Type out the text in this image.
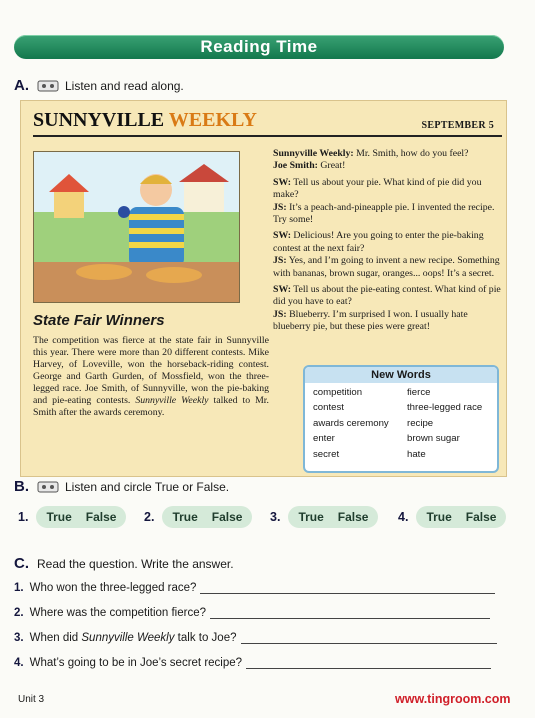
Reading Time
A.	Listen and read along.
SUNNYVILLE WEEKLY	SEPTEMBER 5
State Fair Winners
The competition was fierce at the state fair in Sunnyville this year. There were more than 20 different contests. Mike Harvey, of Loveville, won the horseback-riding contest. George and Garth Gurden, of Mossfield, won the three-legged race. Joe Smith, of Sunnyville, won the pie-baking and pie-eating contests. Sunnyville Weekly talked to Mr. Smith after the awards ceremony.

Sunnyville Weekly: Mr. Smith, how do you feel?

Joe Smith: Great!

SW: Tell us about your pie. What kind of pie did you make?

JS: It’s a peach-and-pineapple pie. I invented the recipe. Try some!

SW: Delicious! Are you going to enter the pie-baking contest at the next fair?

JS: Yes, and I’m going to invent a new recipe. Something with bananas, brown sugar, oranges... oops! It’s a secret.

SW: Tell us about the pie-eating contest. What kind of pie did you have to eat?

JS: Blueberry. I’m surprised I won. I usually hate blueberry pie, but these pies were great!

New Words
competition	fierce
contest	three-legged race
awards ceremony	recipe
enter	brown sugar
secret	hate
B.	Listen and circle True or False.
1. True False 2. True False 3. True False 4. True False
C. Read the question. Write the answer.
1. Who won the three-legged race?
2. Where was the competition fierce?
3. When did Sunnyville Weekly talk to Joe?
4. What’s going to be in Joe’s secret recipe?
Unit 3	www.tingroom.com
